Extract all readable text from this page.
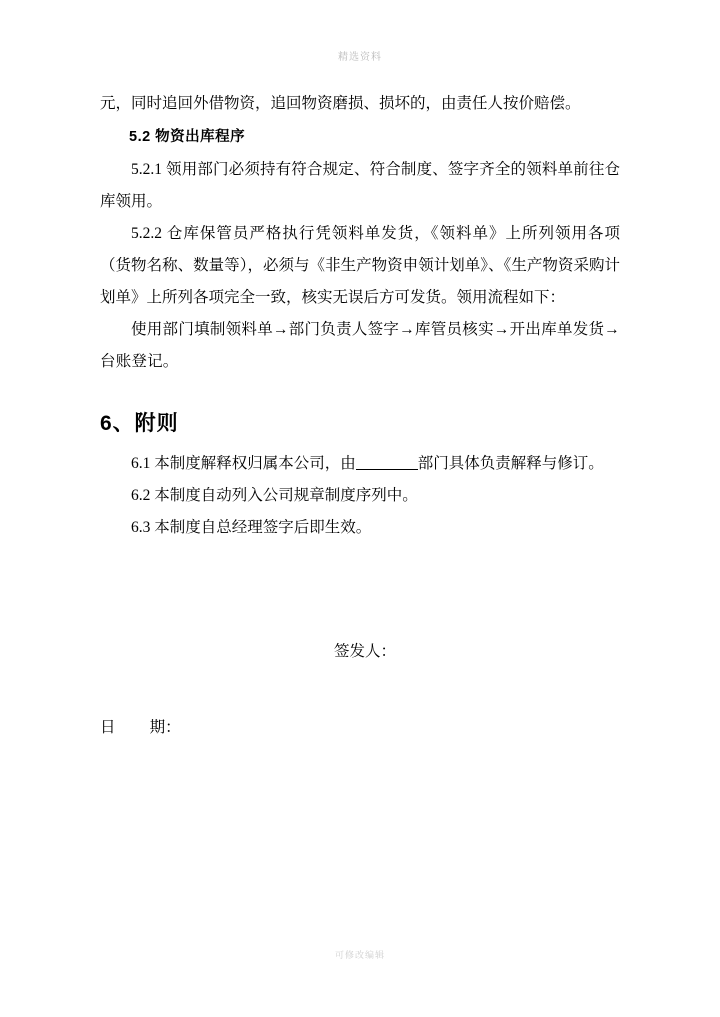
精选资料

元，同时追回外借物资，追回物资磨损、损坏的，由责任人按价赔偿。

5.2 物资出库程序

5.2.1 领用部门必须持有符合规定、符合制度、签字齐全的领料单前往仓库领用。

5.2.2 仓库保管员严格执行凭领料单发货，《领料单》上所列领用各项（货物名称、数量等），必须与《非生产物资申领计划单》、《生产物资采购计划单》上所列各项完全一致，核实无误后方可发货。领用流程如下：

使用部门填制领料单→部门负责人签字→库管员核实→开出库单发货→台账登记。

6、附则

6.1 本制度解释权归属本公司，由	部门具体负责解释与修订。

6.2 本制度自动列入公司规章制度序列中。

6.3 本制度自总经理签字后即生效。

签发人：
日 期：
可修改编辑
